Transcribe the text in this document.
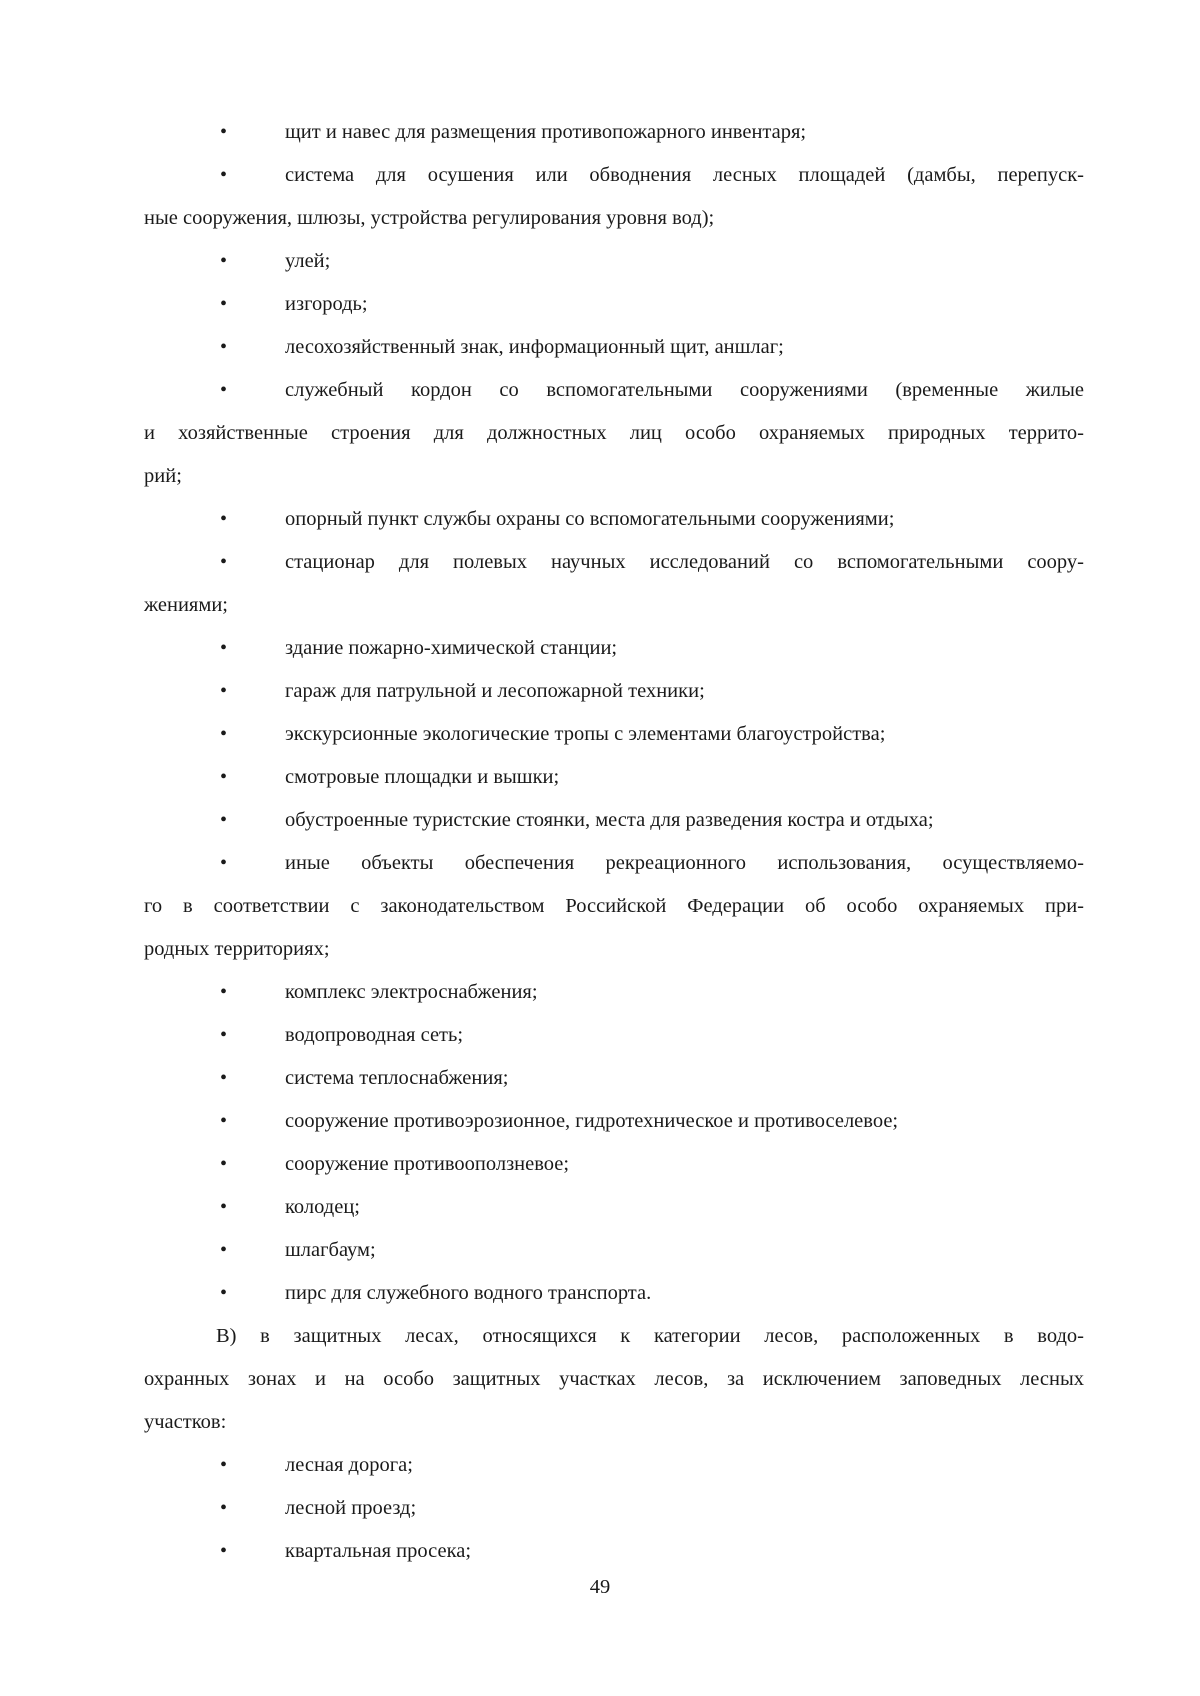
•	щит и навес для размещения противопожарного инвентаря;
•	система для осушения или обводнения лесных площадей (дамбы, перепуск-
ные сооружения, шлюзы, устройства регулирования уровня вод);
•	улей;
•	изгородь;
•	лесохозяйственный знак, информационный щит, аншлаг;
•	служебный кордон со вспомогательными сооружениями (временные жилые
и хозяйственные строения для должностных лиц особо охраняемых природных террито-
рий;
•	опорный пункт службы охраны со вспомогательными сооружениями;
•	стационар для полевых научных исследований со вспомогательными соору-
жениями;
•	здание пожарно-химической станции;
•	гараж для патрульной и лесопожарной техники;
•	экскурсионные экологические тропы с элементами благоустройства;
•	смотровые площадки и вышки;
•	обустроенные туристские стоянки, места для разведения костра и отдыха;
•	иные объекты обеспечения рекреационного использования, осуществляемо-
го в соответствии с законодательством Российской Федерации об особо охраняемых при-
родных территориях;
•	комплекс электроснабжения;
•	водопроводная сеть;
•	система теплоснабжения;
•	сооружение противоэрозионное, гидротехническое и противоселевое;
•	сооружение противооползневое;
•	колодец;
•	шлагбаум;
•	пирс для служебного водного транспорта.
В) в защитных лесах, относящихся к категории лесов, расположенных в водо-
охранных зонах и на особо защитных участках лесов, за исключением заповедных лесных
участков:
•	лесная дорога;
•	лесной проезд;
•	квартальная просека;
49
